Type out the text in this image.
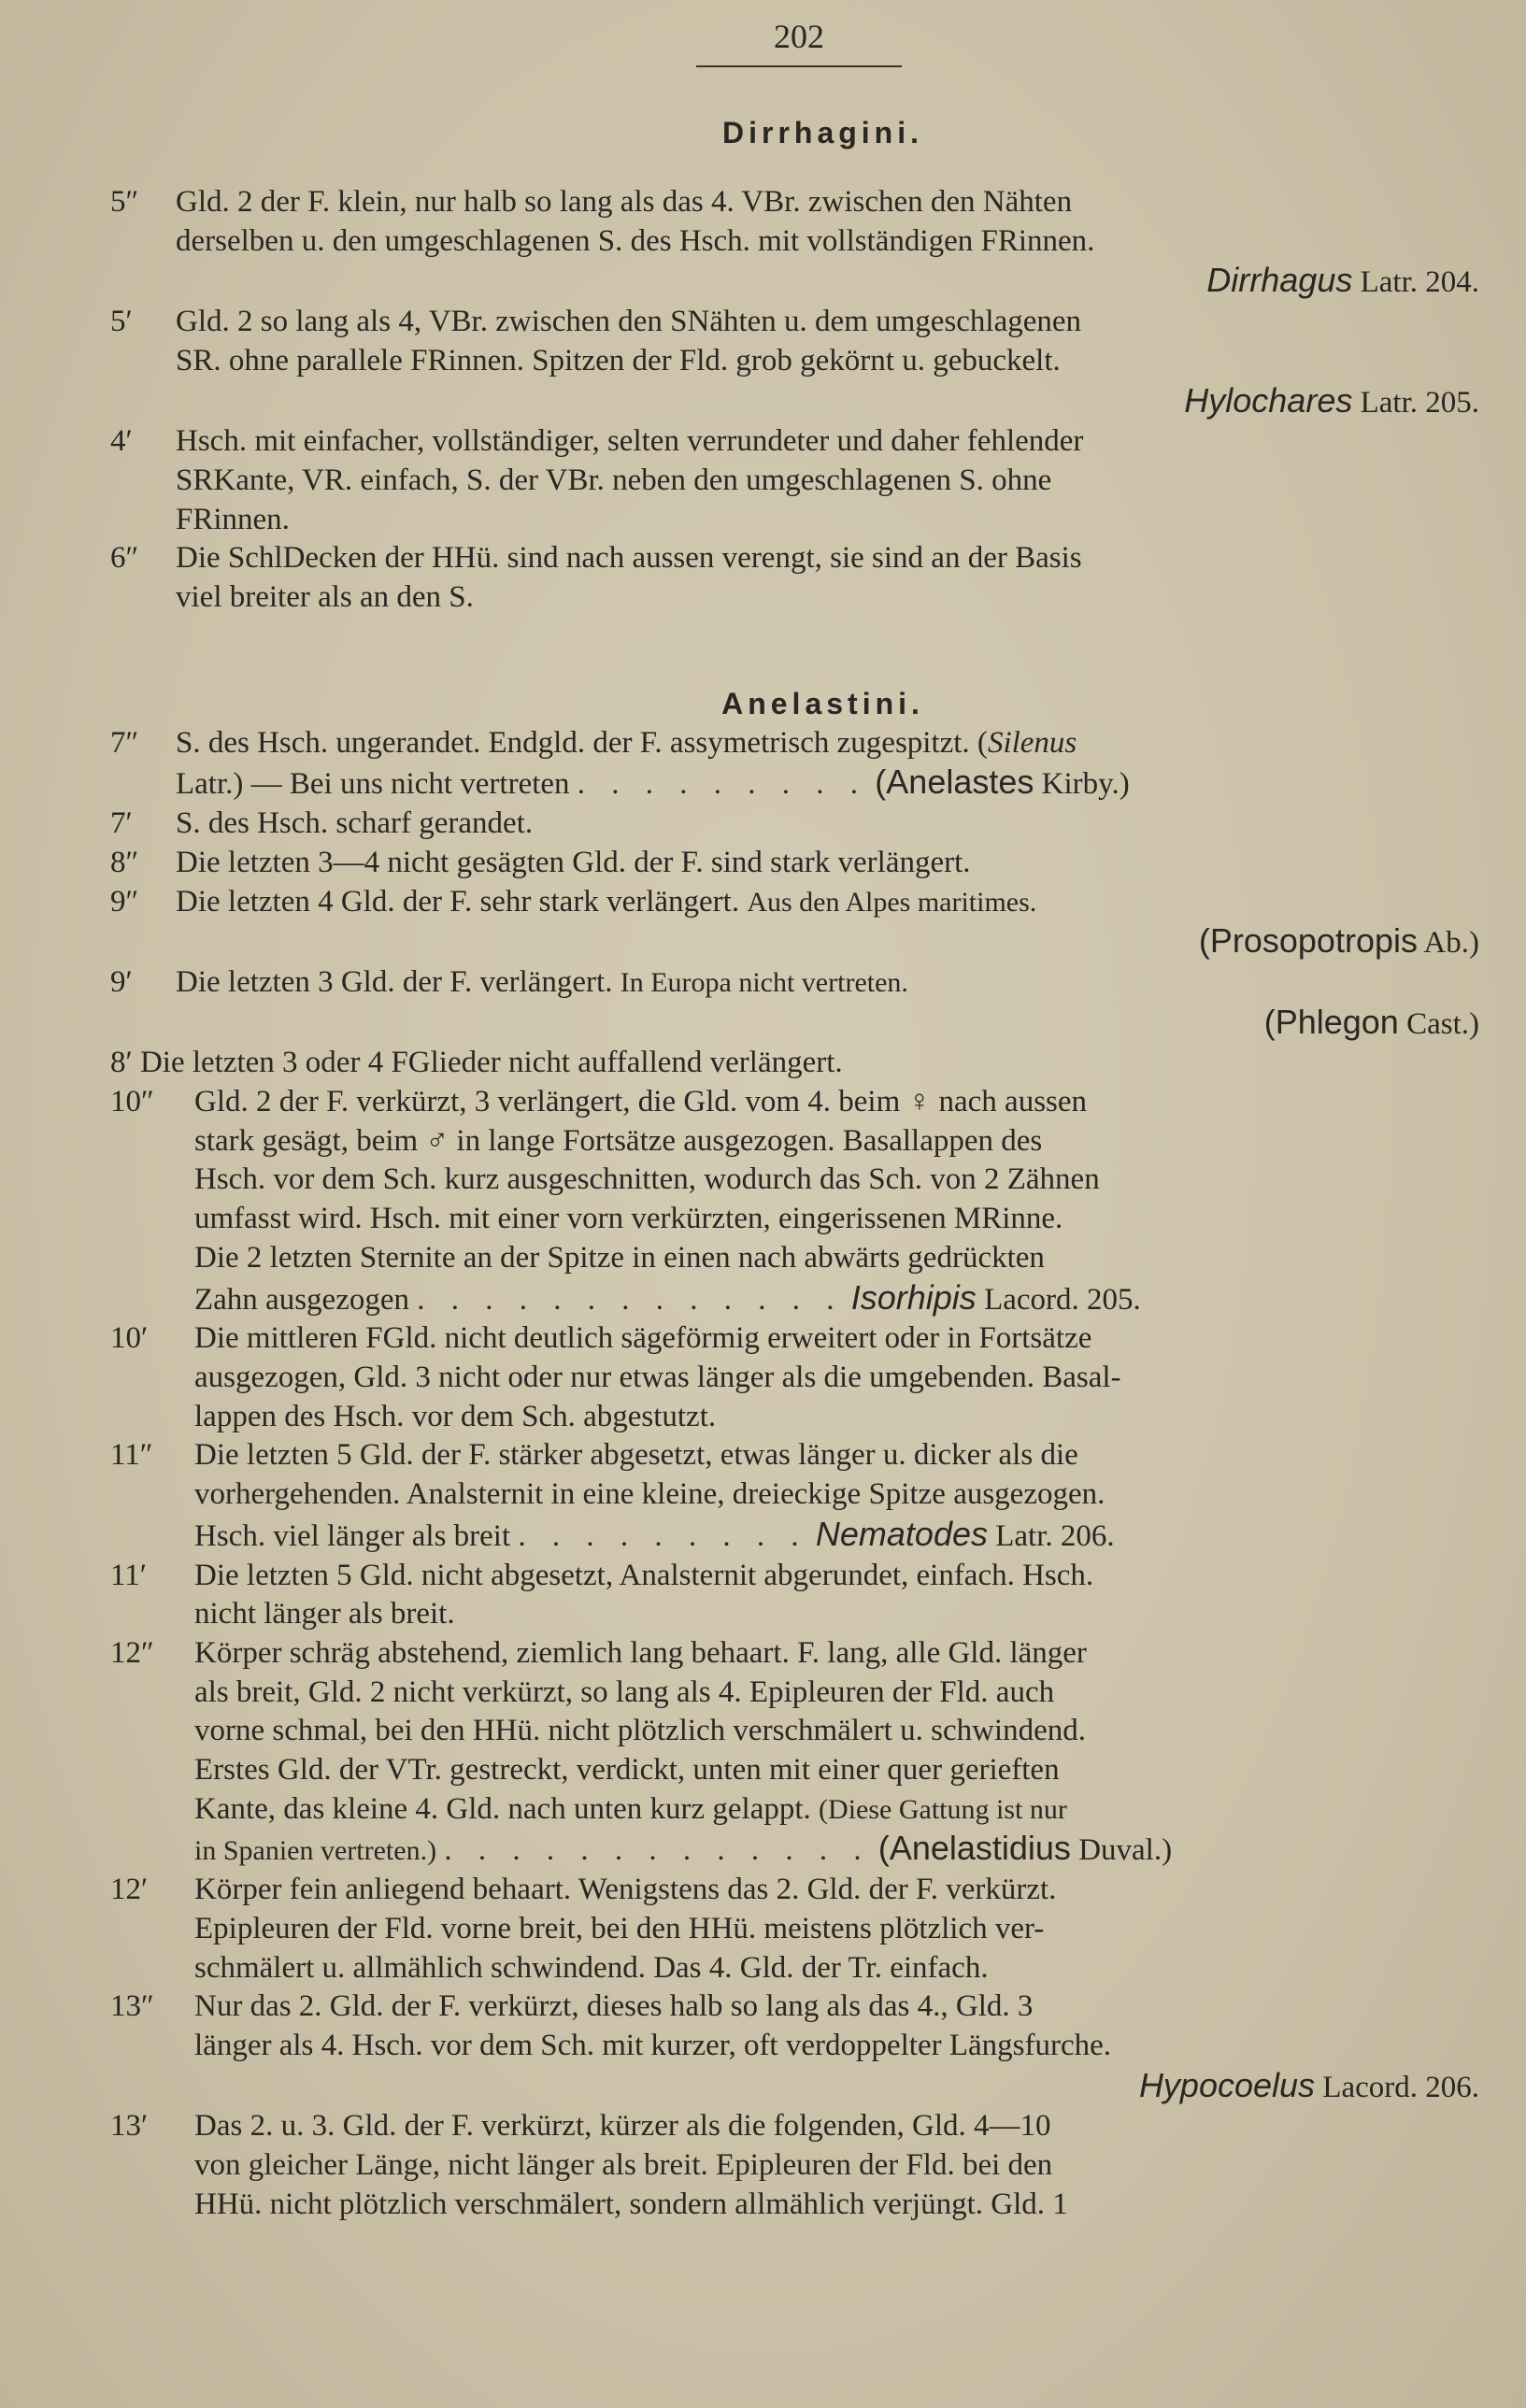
202
Dirrhagini.
5″ Gld. 2 der F. klein, nur halb so lang als das 4. VBr. zwischen den Nähten
derselben u. den umgeschlagenen S. des Hsch. mit vollständigen FRinnen.
Dirrhagus Latr. 204.
5′ Gld. 2 so lang als 4, VBr. zwischen den SNähten u. dem umgeschlagenen
SR. ohne parallele FRinnen. Spitzen der Fld. grob gekörnt u. gebuckelt.
Hylochares Latr. 205.
4′ Hsch. mit einfacher, vollständiger, selten verrundeter und daher fehlender
SRKante, VR. einfach, S. der VBr. neben den umgeschlagenen S. ohne
FRinnen.
6″ Die SchlDecken der HHü. sind nach aussen verengt, sie sind an der Basis
viel breiter als an den S.
Anelastini.
7″ S. des Hsch. ungerandet. Endgld. der F. assymetrisch zugespitzt. (Silenus
Latr.) — Bei uns nicht vertreten . . . . . . . . . (Anelastes Kirby.)
7′ S. des Hsch. scharf gerandet.
8″ Die letzten 3—4 nicht gesägten Gld. der F. sind stark verlängert.
9″ Die letzten 4 Gld. der F. sehr stark verlängert. Aus den Alpes maritimes.
(Prosopotropis Ab.)
9′ Die letzten 3 Gld. der F. verlängert. In Europa nicht vertreten.
(Phlegon Cast.)
8′ Die letzten 3 oder 4 FGlieder nicht auffallend verlängert.
10″ Gld. 2 der F. verkürzt, 3 verlängert, die Gld. vom 4. beim ♀ nach aussen
stark gesägt, beim ♂ in lange Fortsätze ausgezogen. Basallappen des
Hsch. vor dem Sch. kurz ausgeschnitten, wodurch das Sch. von 2 Zähnen
umfasst wird. Hsch. mit einer vorn verkürzten, eingerissenen MRinne.
Die 2 letzten Sternite an der Spitze in einen nach abwärts gedrückten
Zahn ausgezogen . . . . . . . . . . . . . Isorhipis Lacord. 205.
10′ Die mittleren FGld. nicht deutlich sägeförmig erweitert oder in Fortsätze
ausgezogen, Gld. 3 nicht oder nur etwas länger als die umgebenden. Basal-
lappen des Hsch. vor dem Sch. abgestutzt.
11″ Die letzten 5 Gld. der F. stärker abgesetzt, etwas länger u. dicker als die
vorhergehenden. Analsternit in eine kleine, dreieckige Spitze ausgezogen.
Hsch. viel länger als breit . . . . . . . . . Nematodes Latr. 206.
11′ Die letzten 5 Gld. nicht abgesetzt, Analsternit abgerundet, einfach. Hsch.
nicht länger als breit.
12″ Körper schräg abstehend, ziemlich lang behaart. F. lang, alle Gld. länger
als breit, Gld. 2 nicht verkürzt, so lang als 4. Epipleuren der Fld. auch
vorne schmal, bei den HHü. nicht plötzlich verschmälert u. schwindend.
Erstes Gld. der VTr. gestreckt, verdickt, unten mit einer quer gerieften
Kante, das kleine 4. Gld. nach unten kurz gelappt. (Diese Gattung ist nur
in Spanien vertreten.) . . . . . . . . . . . . . (Anelastidius Duval.)
12′ Körper fein anliegend behaart. Wenigstens das 2. Gld. der F. verkürzt.
Epipleuren der Fld. vorne breit, bei den HHü. meistens plötzlich ver-
schmälert u. allmählich schwindend. Das 4. Gld. der Tr. einfach.
13″ Nur das 2. Gld. der F. verkürzt, dieses halb so lang als das 4., Gld. 3
länger als 4. Hsch. vor dem Sch. mit kurzer, oft verdoppelter Längsfurche.
Hypocoelus Lacord. 206.
13′ Das 2. u. 3. Gld. der F. verkürzt, kürzer als die folgenden, Gld. 4—10
von gleicher Länge, nicht länger als breit. Epipleuren der Fld. bei den
HHü. nicht plötzlich verschmälert, sondern allmählich verjüngt. Gld. 1
